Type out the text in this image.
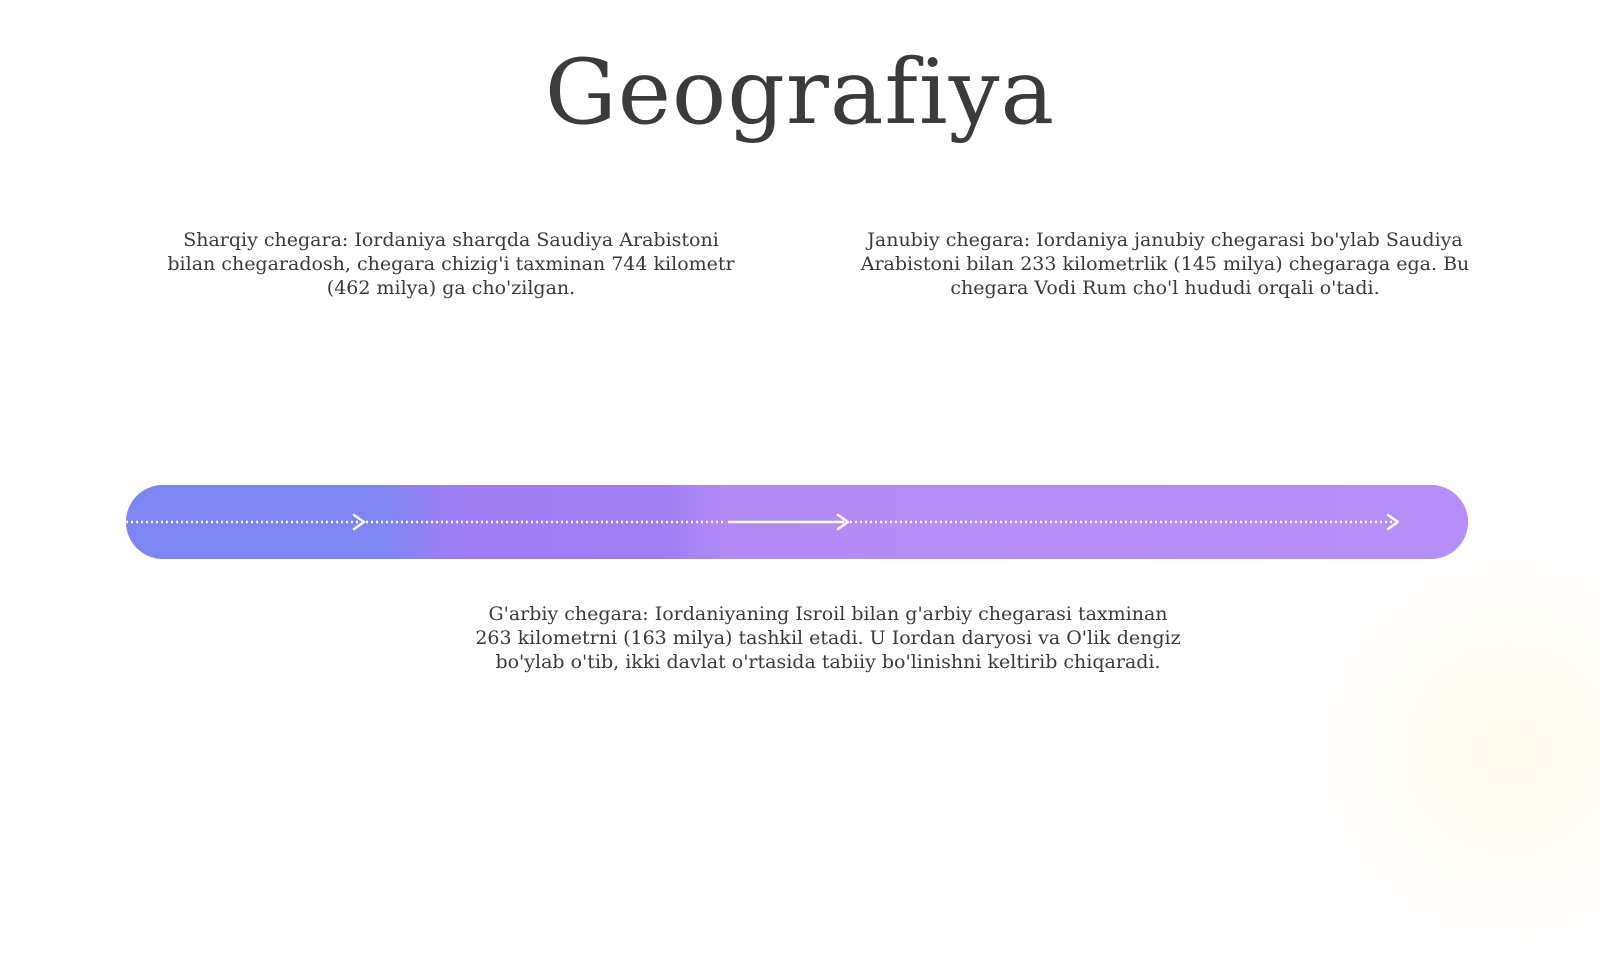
Geografiya

Sharqiy chegara: Iordaniya sharqda Saudiya Arabistoni bilan chegaradosh, chegara chizig'i taxminan 744 kilometr (462 milya) ga cho'zilgan.

Janubiy chegara: Iordaniya janubiy chegarasi bo'ylab Saudiya Arabistoni bilan 233 kilometrlik (145 milya) chegaraga ega. Bu chegara Vodi Rum cho'l hududi orqali o'tadi.

G'arbiy chegara: Iordaniyaning Isroil bilan g'arbiy chegarasi taxminan 263 kilometrni (163 milya) tashkil etadi. U Iordan daryosi va O'lik dengiz bo'ylab o'tib, ikki davlat o'rtasida tabiiy bo'linishni keltirib chiqaradi.
